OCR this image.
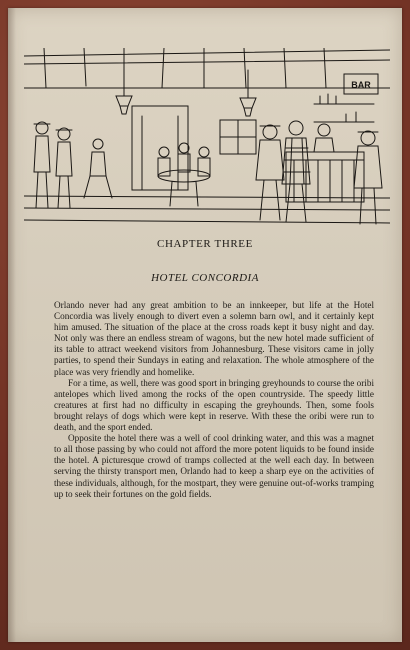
BAR
CHAPTER THREE
HOTEL CONCORDIA

Orlando never had any great ambition to be an innkeeper, but life at the Hotel Concordia was lively enough to divert even a solemn barn owl, and it certainly kept him amused. The situation of the place at the cross roads kept it busy night and day. Not only was there an endless stream of wagons, but the new hotel made sufficient of its table to attract weekend visitors from Johannesburg. These visitors came in jolly parties, to spend their Sundays in eating and relaxation. The whole atmosphere of the place was very friendly and homelike.

For a time, as well, there was good sport in bringing greyhounds to course the oribi antelopes which lived among the rocks of the open countryside. The speedy little creatures at first had no difficulty in escaping the greyhounds. Then, some fools brought relays of dogs which were kept in reserve. With these the oribi were run to death, and the sport ended.

Opposite the hotel there was a well of cool drinking water, and this was a magnet to all those passing by who could not afford the more potent liquids to be found inside the hotel. A picturesque crowd of tramps collected at the well each day. In between serving the thirsty transport men, Orlando had to keep a sharp eye on the activities of these individuals, although, for the mostpart, they were genuine out-of-works tramping up to seek their fortunes on the gold fields.
